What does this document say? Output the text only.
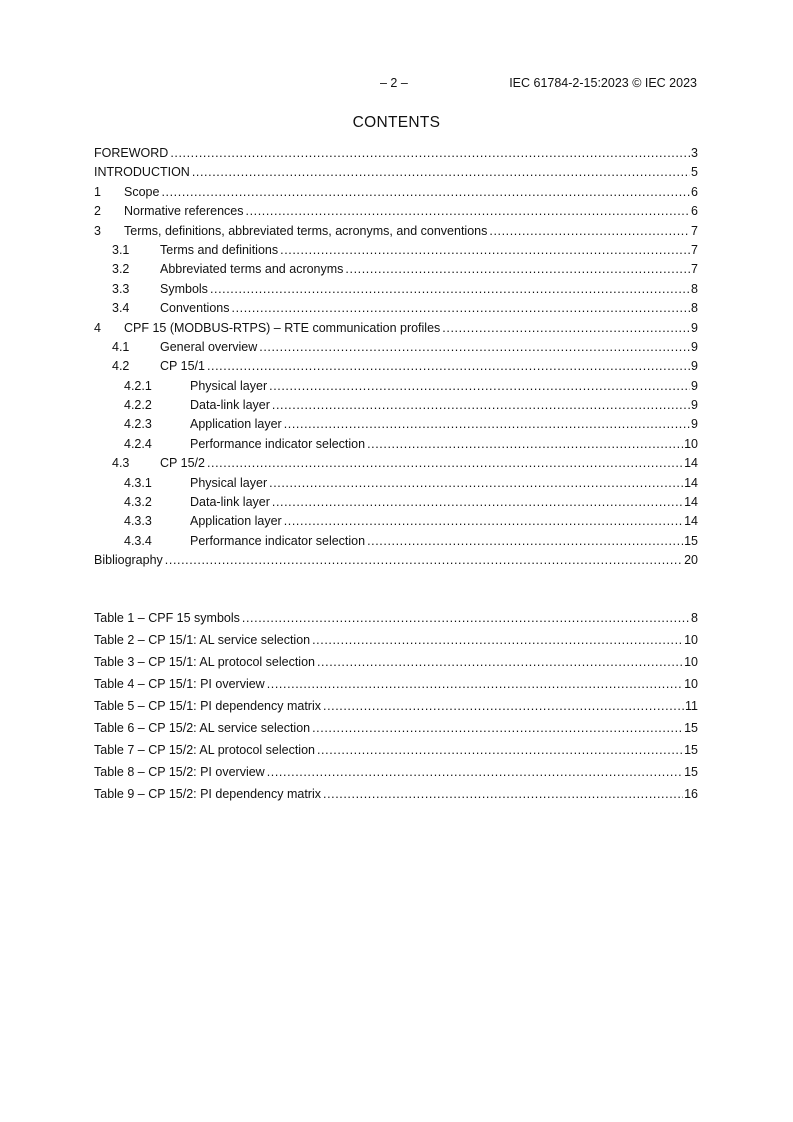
– 2 –	IEC 61784-2-15:2023 © IEC 2023
CONTENTS
FOREWORD .....	3
INTRODUCTION .....	5
1 Scope .....	6
2 Normative references .....	6
3 Terms, definitions, abbreviated terms, acronyms, and conventions .....	7
3.1 Terms and definitions .....	7
3.2 Abbreviated terms and acronyms .....	7
3.3 Symbols .....	8
3.4 Conventions .....	8
4 CPF 15 (MODBUS-RTPS) – RTE communication profiles .....	9
4.1 General overview .....	9
4.2 CP 15/1 .....	9
4.2.1	Physical layer .....	9
4.2.2	Data-link layer .....	9
4.2.3	Application layer .....	9
4.2.4	Performance indicator selection .....	10
4.3 CP 15/2 .....	14
4.3.1	Physical layer .....	14
4.3.2	Data-link layer .....	14
4.3.3	Application layer .....	14
4.3.4	Performance indicator selection .....	15
Bibliography .....	20
Table 1 – CPF 15 symbols .....	8
Table 2 – CP 15/1: AL service selection .....	10
Table 3 – CP 15/1: AL protocol selection .....	10
Table 4 – CP 15/1: PI overview .....	10
Table 5 – CP 15/1: PI dependency matrix .....	11
Table 6 – CP 15/2: AL service selection .....	15
Table 7 – CP 15/2: AL protocol selection .....	15
Table 8 – CP 15/2: PI overview .....	15
Table 9 – CP 15/2: PI dependency matrix .....	16
